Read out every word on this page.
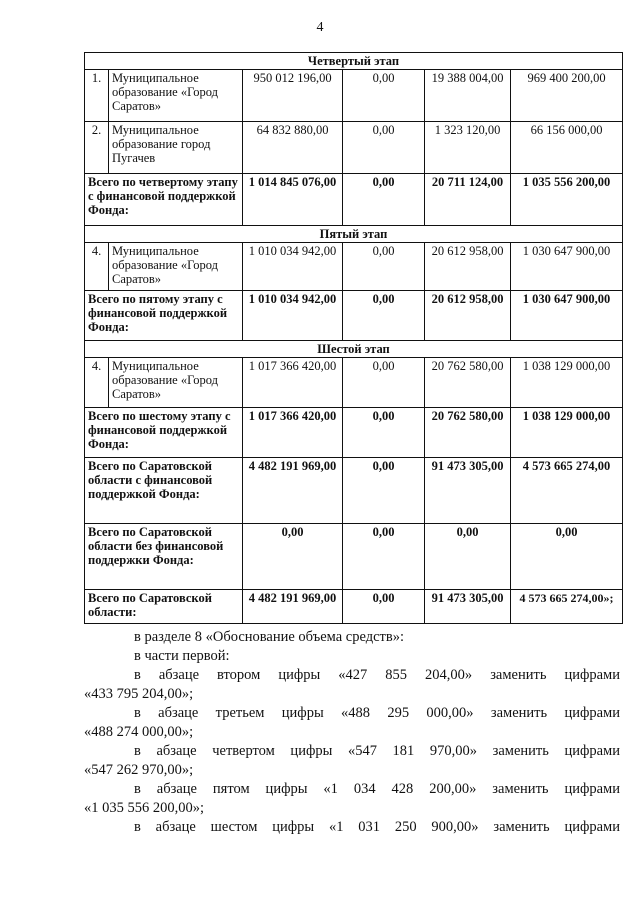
4
Четвертый этап					
1.	Муниципальное образование «Город Саратов»	950 012 196,00	0,00	19 388 004,00	969 400 200,00
2.	Муниципальное образование город Пугачев	64 832 880,00	0,00	1 323 120,00	66 156 000,00
Всего по четвертому этапу с финансовой поддержкой Фонда:		1 014 845 076,00	0,00	20 711 124,00	1 035 556 200,00
Пятый этап					
4.	Муниципальное образование «Город Саратов»	1 010 034 942,00	0,00	20 612 958,00	1 030 647 900,00
Всего по пятому этапу с финансовой поддержкой Фонда:		1 010 034 942,00	0,00	20 612 958,00	1 030 647 900,00
Шестой этап					
4.	Муниципальное образование «Город Саратов»	1 017 366 420,00	0,00	20 762 580,00	1 038 129 000,00
Всего по шестому этапу с финансовой поддержкой Фонда:		1 017 366 420,00	0,00	20 762 580,00	1 038 129 000,00
Всего по Саратовской области с финансовой поддержкой Фонда:		4 482 191 969,00	0,00	91 473 305,00	4 573 665 274,00
Всего по Саратовской области без финансовой поддержки Фонда:		0,00	0,00	0,00	0,00
Всего по Саратовской области:		4 482 191 969,00	0,00	91 473 305,00	4 573 665 274,00»;

в разделе 8 «Обоснование объема средств»:

в части первой:

в абзаце втором цифры «427 855 204,00» заменить цифрами

«433 795 204,00»;

в абзаце третьем цифры «488 295 000,00» заменить цифрами

«488 274 000,00»;

в абзаце четвертом цифры «547 181 970,00» заменить цифрами

«547 262 970,00»;

в абзаце пятом цифры «1 034 428 200,00» заменить цифрами

«1 035 556 200,00»;

в абзаце шестом цифры «1 031 250 900,00» заменить цифрами
